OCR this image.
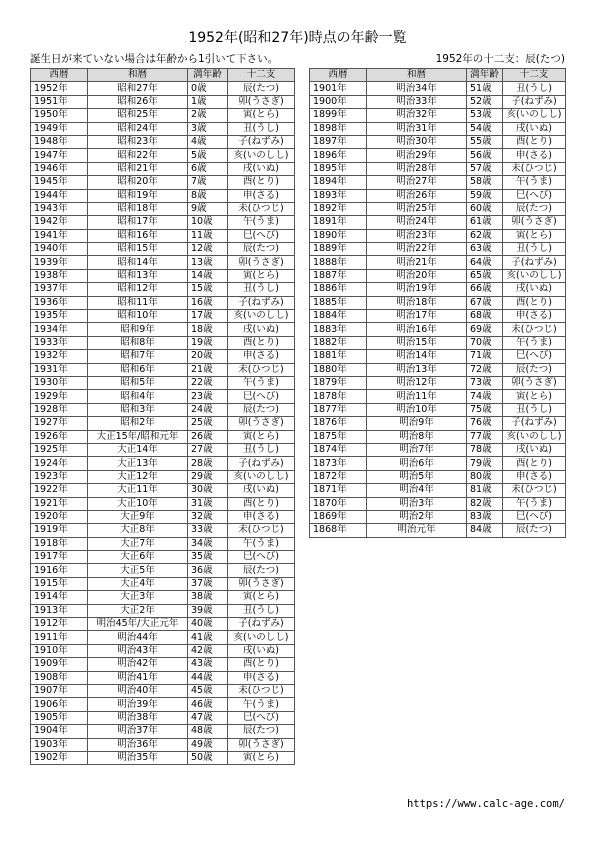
1952年(昭和27年)時点の年齢一覧
誕生日が来ていない場合は年齢から1引いて下さい。	1952年の十二支：辰(たつ)
西暦	和暦	満年齢	十二支
1952年	昭和27年	0歳	辰(たつ)
1951年	昭和26年	1歳	卯(うさぎ)
1950年	昭和25年	2歳	寅(とら)
1949年	昭和24年	3歳	丑(うし)
1948年	昭和23年	4歳	子(ねずみ)
1947年	昭和22年	5歳	亥(いのしし)
1946年	昭和21年	6歳	戌(いぬ)
1945年	昭和20年	7歳	酉(とり)
1944年	昭和19年	8歳	申(さる)
1943年	昭和18年	9歳	未(ひつじ)
1942年	昭和17年	10歳	午(うま)
1941年	昭和16年	11歳	巳(へび)
1940年	昭和15年	12歳	辰(たつ)
1939年	昭和14年	13歳	卯(うさぎ)
1938年	昭和13年	14歳	寅(とら)
1937年	昭和12年	15歳	丑(うし)
1936年	昭和11年	16歳	子(ねずみ)
1935年	昭和10年	17歳	亥(いのしし)
1934年	昭和9年	18歳	戌(いぬ)
1933年	昭和8年	19歳	酉(とり)
1932年	昭和7年	20歳	申(さる)
1931年	昭和6年	21歳	未(ひつじ)
1930年	昭和5年	22歳	午(うま)
1929年	昭和4年	23歳	巳(へび)
1928年	昭和3年	24歳	辰(たつ)
1927年	昭和2年	25歳	卯(うさぎ)
1926年	大正15年/昭和元年	26歳	寅(とら)
1925年	大正14年	27歳	丑(うし)
1924年	大正13年	28歳	子(ねずみ)
1923年	大正12年	29歳	亥(いのしし)
1922年	大正11年	30歳	戌(いぬ)
1921年	大正10年	31歳	酉(とり)
1920年	大正9年	32歳	申(さる)
1919年	大正8年	33歳	未(ひつじ)
1918年	大正7年	34歳	午(うま)
1917年	大正6年	35歳	巳(へび)
1916年	大正5年	36歳	辰(たつ)
1915年	大正4年	37歳	卯(うさぎ)
1914年	大正3年	38歳	寅(とら)
1913年	大正2年	39歳	丑(うし)
1912年	明治45年/大正元年	40歳	子(ねずみ)
1911年	明治44年	41歳	亥(いのしし)
1910年	明治43年	42歳	戌(いぬ)
1909年	明治42年	43歳	酉(とり)
1908年	明治41年	44歳	申(さる)
1907年	明治40年	45歳	未(ひつじ)
1906年	明治39年	46歳	午(うま)
1905年	明治38年	47歳	巳(へび)
1904年	明治37年	48歳	辰(たつ)
1903年	明治36年	49歳	卯(うさぎ)
1902年	明治35年	50歳	寅(とら)
西暦	和暦	満年齢	十二支
1901年	明治34年	51歳	丑(うし)
1900年	明治33年	52歳	子(ねずみ)
1899年	明治32年	53歳	亥(いのしし)
1898年	明治31年	54歳	戌(いぬ)
1897年	明治30年	55歳	酉(とり)
1896年	明治29年	56歳	申(さる)
1895年	明治28年	57歳	未(ひつじ)
1894年	明治27年	58歳	午(うま)
1893年	明治26年	59歳	巳(へび)
1892年	明治25年	60歳	辰(たつ)
1891年	明治24年	61歳	卯(うさぎ)
1890年	明治23年	62歳	寅(とら)
1889年	明治22年	63歳	丑(うし)
1888年	明治21年	64歳	子(ねずみ)
1887年	明治20年	65歳	亥(いのしし)
1886年	明治19年	66歳	戌(いぬ)
1885年	明治18年	67歳	酉(とり)
1884年	明治17年	68歳	申(さる)
1883年	明治16年	69歳	未(ひつじ)
1882年	明治15年	70歳	午(うま)
1881年	明治14年	71歳	巳(へび)
1880年	明治13年	72歳	辰(たつ)
1879年	明治12年	73歳	卯(うさぎ)
1878年	明治11年	74歳	寅(とら)
1877年	明治10年	75歳	丑(うし)
1876年	明治9年	76歳	子(ねずみ)
1875年	明治8年	77歳	亥(いのしし)
1874年	明治7年	78歳	戌(いぬ)
1873年	明治6年	79歳	酉(とり)
1872年	明治5年	80歳	申(さる)
1871年	明治4年	81歳	未(ひつじ)
1870年	明治3年	82歳	午(うま)
1869年	明治2年	83歳	巳(へび)
1868年	明治元年	84歳	辰(たつ)
https://www.calc-age.com/
